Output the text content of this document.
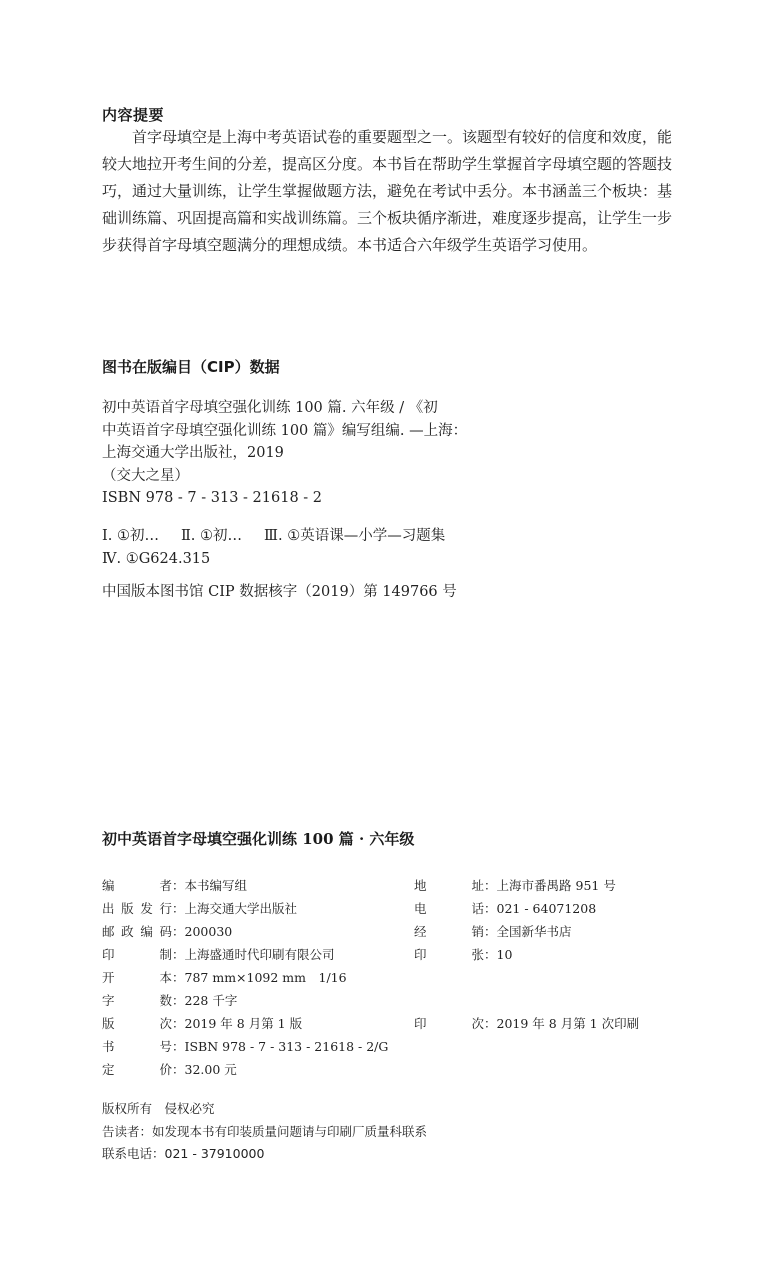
内容提要
首字母填空是上海中考英语试卷的重要题型之一。该题型有较好的信度和效度，能较大地拉开考生间的分差，提高区分度。本书旨在帮助学生掌握首字母填空题的答题技巧，通过大量训练，让学生掌握做题方法，避免在考试中丢分。本书涵盖三个板块：基础训练篇、巩固提高篇和实战训练篇。三个板块循序渐进，难度逐步提高，让学生一步步获得首字母填空题满分的理想成绩。本书适合六年级学生英语学习使用。
图书在版编目（CIP）数据
初中英语首字母填空强化训练 100 篇. 六年级 / 《初
中英语首字母填空强化训练 100 篇》编写组编. —上海：
上海交通大学出版社，2019
（交大之星）
ISBN 978 - 7 - 313 - 21618 - 2
Ⅰ. ①初… Ⅱ. ①初… Ⅲ. ①英语课—小学—习题集
Ⅳ. ①G624.315
中国版本图书馆 CIP 数据核字（2019）第 149766 号
初中英语首字母填空强化训练 100 篇 · 六年级
编　　者：本书编写组
出版发行：上海交通大学出版社
邮政编码：200030
印　　制：上海盛通时代印刷有限公司
开　　本：787 mm×1092 mm　1/16
字　　数：228 千字
版　　次：2019 年 8 月第 1 版
书　　号：ISBN 978 - 7 - 313 - 21618 - 2/G
定　　价：32.00 元
地　　址：上海市番禺路 951 号
电　　话：021 - 64071208
经　　销：全国新华书店
印　　张：10
印　　次：2019 年 8 月第 1 次印刷
版权所有　侵权必究
告读者：如发现本书有印装质量问题请与印刷厂质量科联系
联系电话：021 - 37910000
